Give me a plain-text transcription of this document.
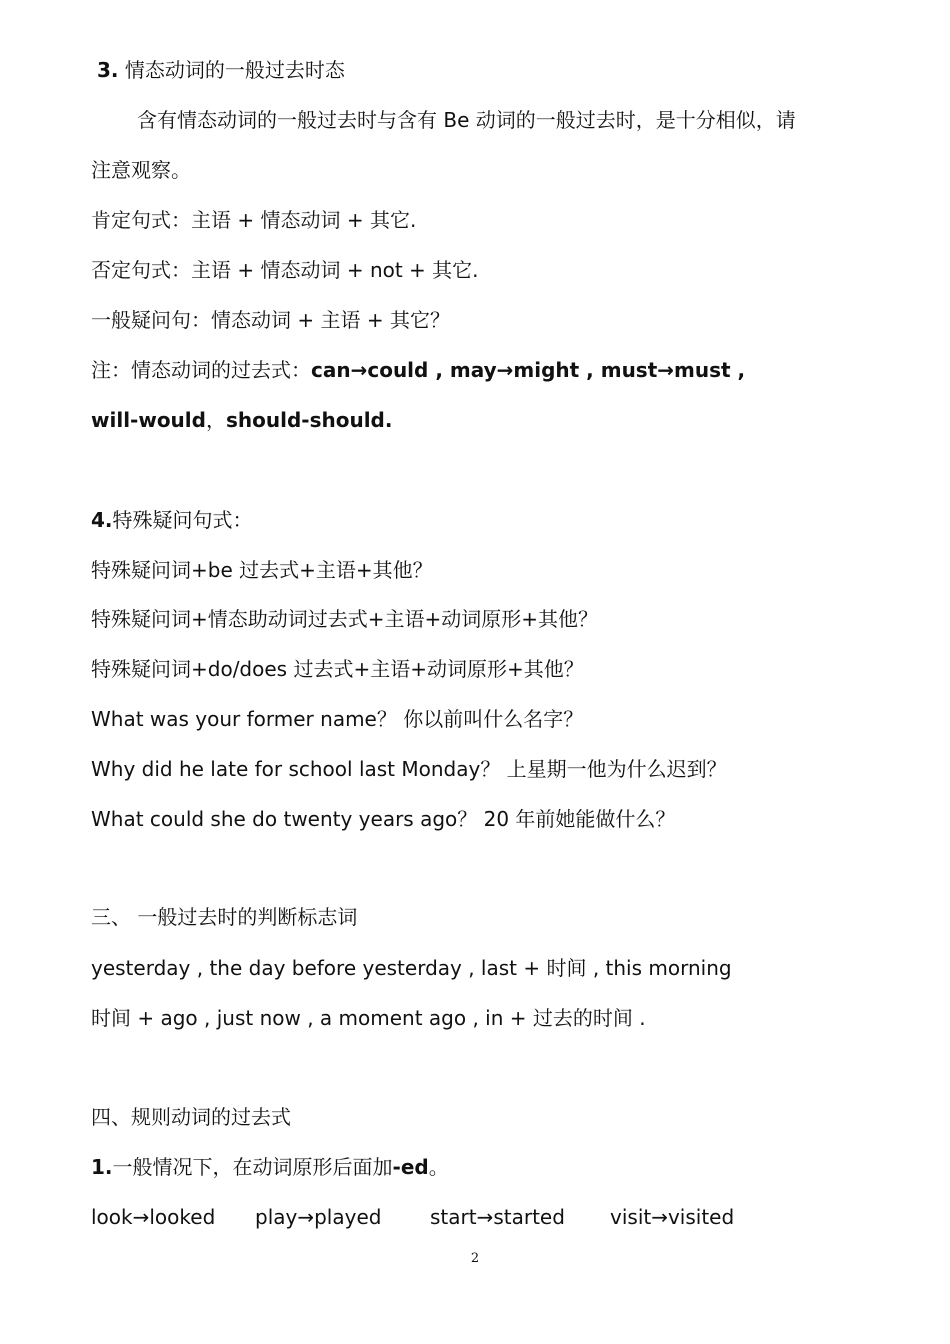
3. 情态动词的一般过去时态
含有情态动词的一般过去时与含有 Be 动词的一般过去时，是十分相似，请
注意观察。
肯定句式：主语 + 情态动词 + 其它.
否定句式：主语 + 情态动词 + not + 其它.
一般疑问句：情态动词 + 主语 + 其它？
注：情态动词的过去式：can→could , may→might , must→must ,
will-would，should-should.
4.特殊疑问句式：
特殊疑问词+be 过去式+主语+其他？
特殊疑问词+情态助动词过去式+主语+动词原形+其他？
特殊疑问词+do/does 过去式+主语+动词原形+其他？
What was your former name？ 你以前叫什么名字？
Why did he late for school last Monday？ 上星期一他为什么迟到？
What could she do twenty years ago？ 20 年前她能做什么？
三、 一般过去时的判断标志词
yesterday , the day before yesterday , last + 时间 , this morning
时间 + ago , just now , a moment ago , in + 过去的时间 .
四、规则动词的过去式
1.一般情况下，在动词原形后面加-ed。
look→looked play→played start→started visit→visited
2
